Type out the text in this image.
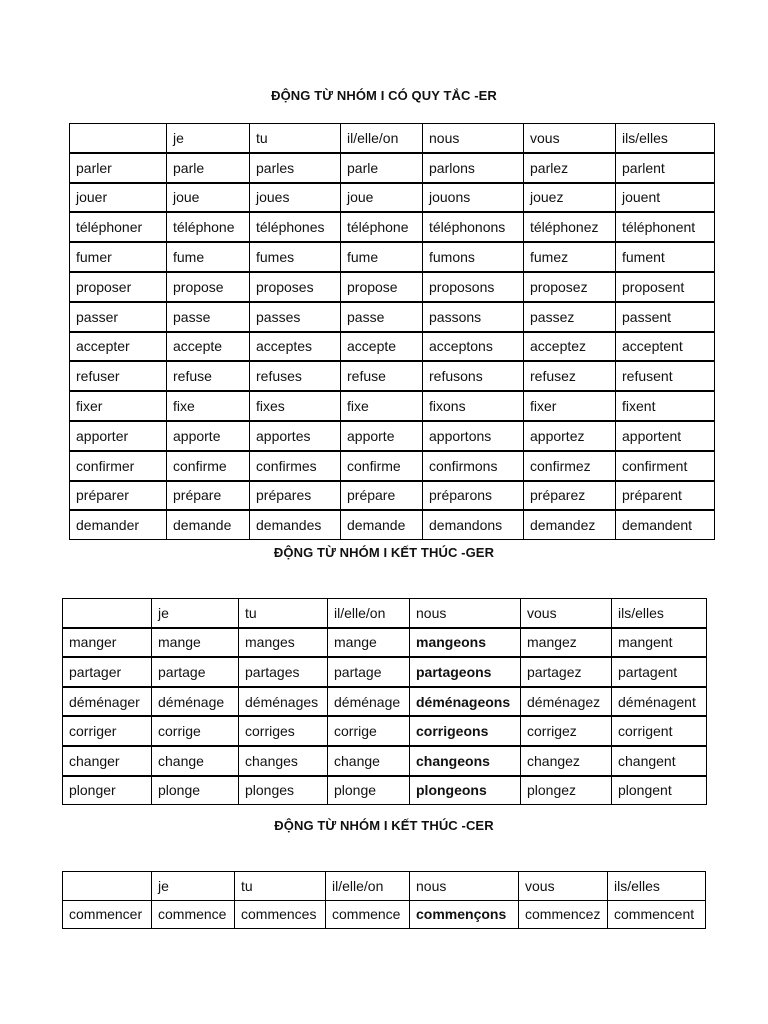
ĐỘNG TỪ NHÓM I CÓ QUY TẮC -ER
	je	tu	il/elle/on	nous	vous	ils/elles
parler	parle	parles	parle	parlons	parlez	parlent
jouer	joue	joues	joue	jouons	jouez	jouent
téléphoner	téléphone	téléphones	téléphone	téléphonons	téléphonez	téléphonent
fumer	fume	fumes	fume	fumons	fumez	fument
proposer	propose	proposes	propose	proposons	proposez	proposent
passer	passe	passes	passe	passons	passez	passent
accepter	accepte	acceptes	accepte	acceptons	acceptez	acceptent
refuser	refuse	refuses	refuse	refusons	refusez	refusent
fixer	fixe	fixes	fixe	fixons	fixer	fixent
apporter	apporte	apportes	apporte	apportons	apportez	apportent
confirmer	confirme	confirmes	confirme	confirmons	confirmez	confirment
préparer	prépare	prépares	prépare	préparons	préparez	préparent
demander	demande	demandes	demande	demandons	demandez	demandent
ĐỘNG TỪ NHÓM I KẾT THÚC -GER
	je	tu	il/elle/on	nous	vous	ils/elles
manger	mange	manges	mange	mangeons	mangez	mangent
partager	partage	partages	partage	partageons	partagez	partagent
déménager	déménage	déménages	déménage	déménageons	déménagez	déménagent
corriger	corrige	corriges	corrige	corrigeons	corrigez	corrigent
changer	change	changes	change	changeons	changez	changent
plonger	plonge	plonges	plonge	plongeons	plongez	plongent
ĐỘNG TỪ NHÓM I KẾT THÚC -CER
	je	tu	il/elle/on	nous	vous	ils/elles
commencer	commence	commences	commence	commençons	commencez	commencent
